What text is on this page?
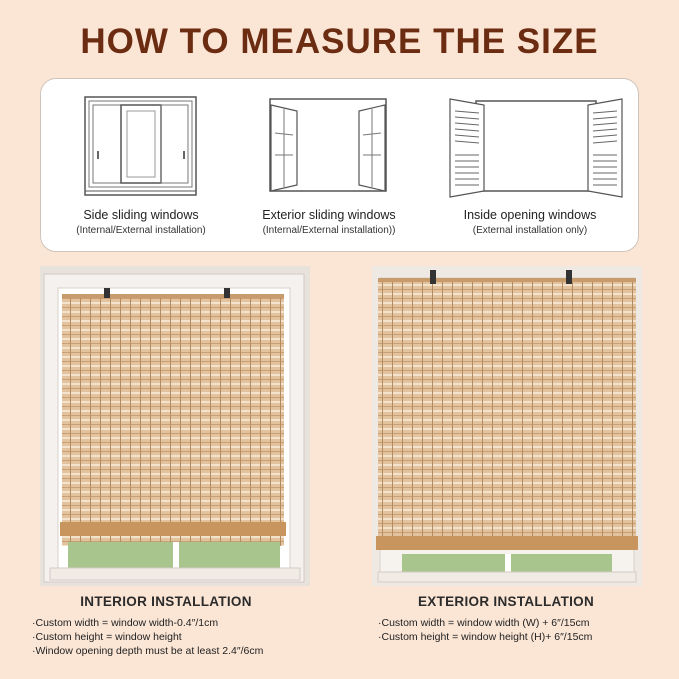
HOW TO MEASURE THE SIZE
Side sliding windows
(Internal/External installation)
Exterior sliding windows
(Internal/External installation))
Inside opening windows
(External installation only)
INTERIOR INSTALLATION
· Custom width = window width-0.4″/1cm
· Custom height = window height
· Window opening depth must be at least 2.4″/6cm
EXTERIOR INSTALLATION
· Custom width = window width (W) + 6″/15cm
· Custom height = window height (H)+ 6″/15cm
